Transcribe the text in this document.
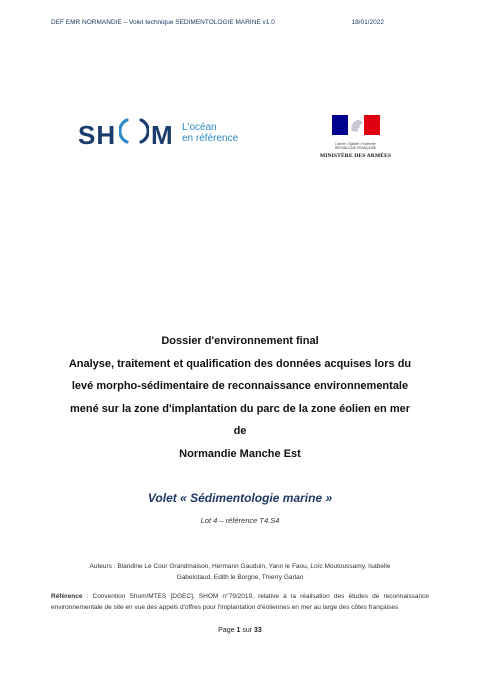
DEF EMR NORMANDIE – Volet technique SEDIMENTOLOGIE MARINE v1.0	18/01/2022
SH M L'océan
en référence	Liberté • Égalité • Fraternité
RÉPUBLIQUE FRANÇAISE
MINISTÈRE DES ARMÉES
Dossier d'environnement final
Analyse, traitement et qualification des données acquises lors du
levé morpho-sédimentaire de reconnaissance environnementale
mené sur la zone d'implantation du parc de la zone éolien en mer
de
Normandie Manche Est
Volet « Sédimentologie marine »
Lot 4 – référence T4.S4
Auteurs : Blandine Le Cour Grandmaison, Hermann Gauduin, Yann le Faou, Loïc Moutoussamy, Isabelle
Gabelotaud, Edith le Borgne, Thierry Garlan
Référence : Convention Shom/MTES [DGEC], SHOM n°79/2019, relative à la réalisation des études de reconnaissance environnementale de site en vue des appels d'offres pour l'implantation d'éoliennes en mer au large des côtes françaises
Page 1 sur 33
